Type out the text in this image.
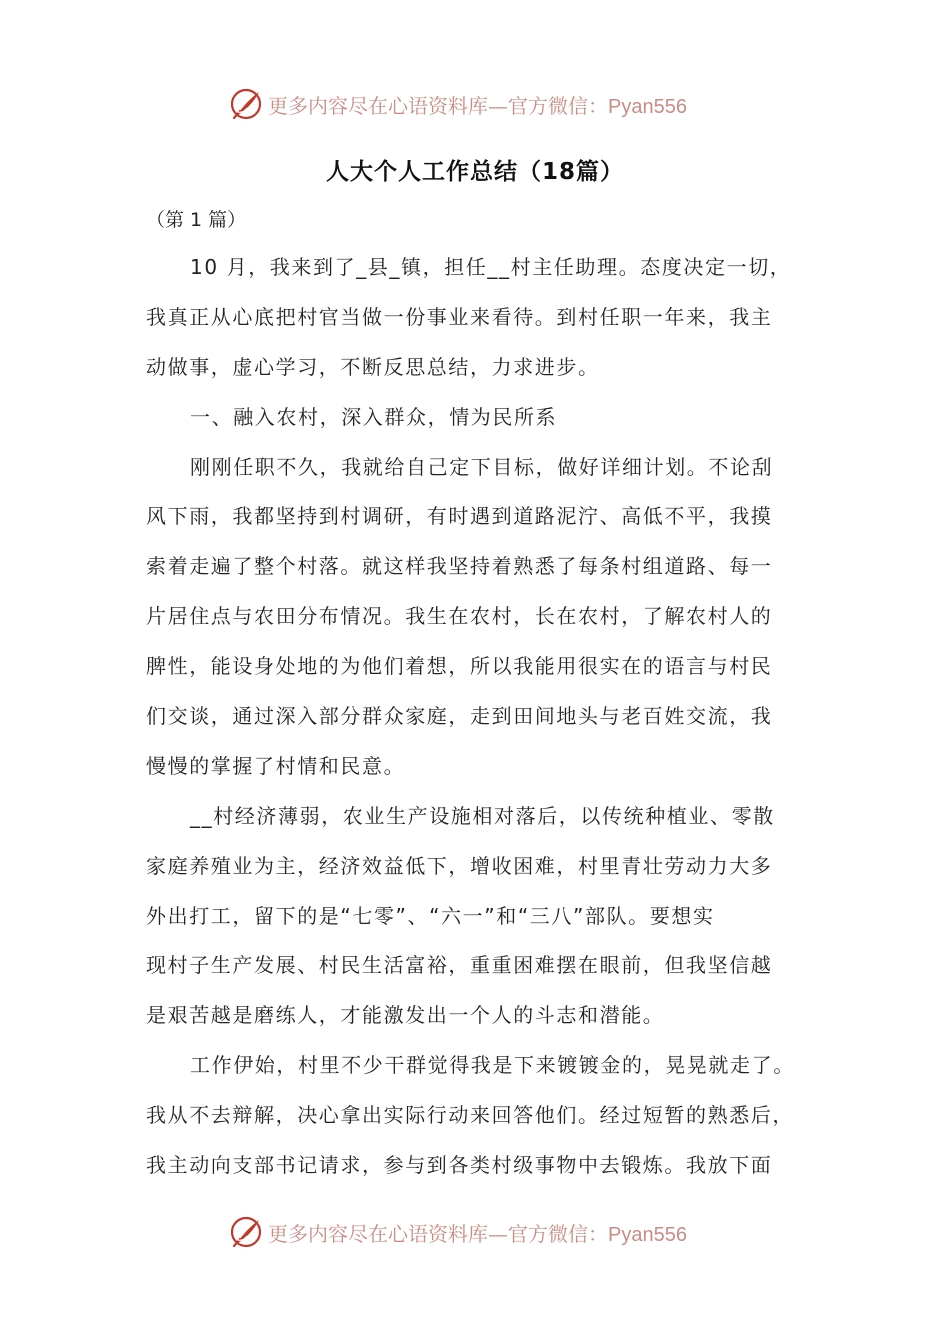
更多内容尽在心语资料库—官方微信：Pyan556
人大个人工作总结（18篇）
（第 1 篇）
10 月，我来到了_县_镇，担任__村主任助理。态度决定一切，
我真正从心底把村官当做一份事业来看待。到村任职一年来，我主
动做事，虚心学习，不断反思总结，力求进步。
一、融入农村，深入群众，情为民所系
刚刚任职不久，我就给自己定下目标，做好详细计划。不论刮
风下雨，我都坚持到村调研，有时遇到道路泥泞、高低不平，我摸
索着走遍了整个村落。就这样我坚持着熟悉了每条村组道路、每一
片居住点与农田分布情况。我生在农村，长在农村，了解农村人的
脾性，能设身处地的为他们着想，所以我能用很实在的语言与村民
们交谈，通过深入部分群众家庭，走到田间地头与老百姓交流，我
慢慢的掌握了村情和民意。
__村经济薄弱，农业生产设施相对落后，以传统种植业、零散
家庭养殖业为主，经济效益低下，增收困难，村里青壮劳动力大多
外出打工，留下的是“七零”、“六一”和“三八”部队。要想实
现村子生产发展、村民生活富裕，重重困难摆在眼前，但我坚信越
是艰苦越是磨练人，才能激发出一个人的斗志和潜能。
工作伊始，村里不少干群觉得我是下来镀镀金的，晃晃就走了。
我从不去辩解，决心拿出实际行动来回答他们。经过短暂的熟悉后，
我主动向支部书记请求，参与到各类村级事物中去锻炼。我放下面
更多内容尽在心语资料库—官方微信：Pyan556
